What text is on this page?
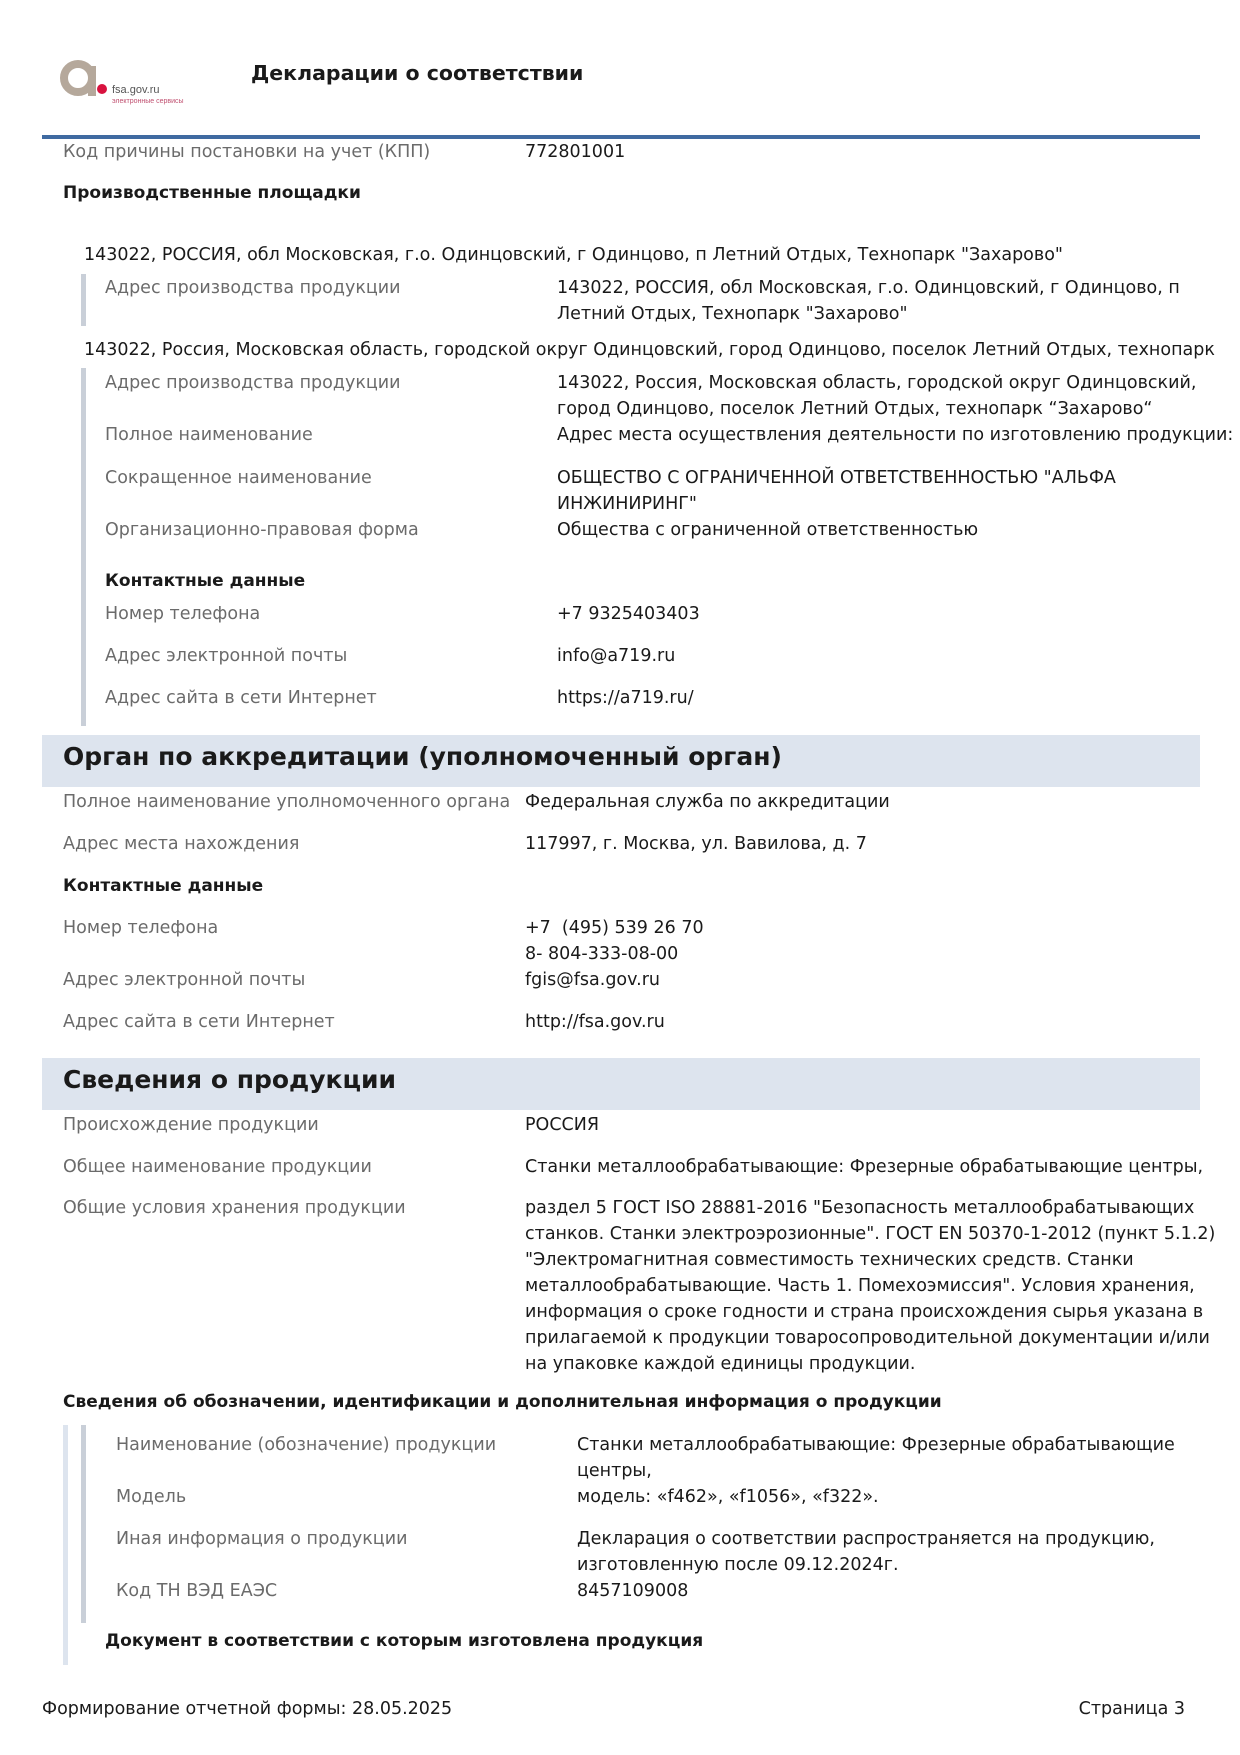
fsa.gov.ru
электронные сервисы
Декларации о соответствии
Код причины постановки на учет (КПП)	772801001
Производственные площадки
143022, РОССИЯ, обл Московская, г.о. Одинцовский, г Одинцово, п Летний Отдых, Технопарк "Захарово"
Адрес производства продукции	143022, РОССИЯ, обл Московская, г.о. Одинцовский, г Одинцово, п
Летний Отдых, Технопарк "Захарово"
143022, Россия, Московская область, городской округ Одинцовский, город Одинцово, поселок Летний Отдых, технопарк
Адрес производства продукции	143022, Россия, Московская область, городской округ Одинцовский,
город Одинцово, поселок Летний Отдых, технопарк “Захарово“
Полное наименование	Адрес места осуществления деятельности по изготовлению продукции:
Сокращенное наименование	ОБЩЕСТВО С ОГРАНИЧЕННОЙ ОТВЕТСТВЕННОСТЬЮ "АЛЬФА
ИНЖИНИРИНГ"
Организационно-правовая форма	Общества с ограниченной ответственностью
Контактные данные
Номер телефона	+7 9325403403
Адрес электронной почты	info@a719.ru
Адрес сайта в сети Интернет	https://a719.ru/
Орган по аккредитации (уполномоченный орган)
Полное наименование уполномоченного органа Федеральная служба по аккредитации
Адрес места нахождения	117997, г. Москва, ул. Вавилова, д. 7
Контактные данные
Номер телефона	+7  (495) 539 26 70
8- 804-333-08-00
Адрес электронной почты	fgis@fsa.gov.ru
Адрес сайта в сети Интернет	http://fsa.gov.ru
Сведения о продукции
Происхождение продукции	РОССИЯ
Общее наименование продукции	Станки металлообрабатывающие: Фрезерные обрабатывающие центры,
Общие условия хранения продукции	раздел 5 ГОСТ ISO 28881-2016 "Безопасность металлообрабатывающих
станков. Станки электроэрозионные". ГОСТ EN 50370-1-2012 (пункт 5.1.2)
"Электромагнитная совместимость технических средств. Станки
металлообрабатывающие. Часть 1. Помехоэмиссия". Условия хранения,
информация о сроке годности и страна происхождения сырья указана в
прилагаемой к продукции товаросопроводительной документации и/или
на упаковке каждой единицы продукции.
Сведения об обозначении, идентификации и дополнительная информация о продукции
Наименование (обозначение) продукции	Станки металлообрабатывающие: Фрезерные обрабатывающие
центры,
Модель	модель: «f462», «f1056», «f322».
Иная информация о продукции	Декларация о соответствии распространяется на продукцию,
изготовленную после 09.12.2024г.
Код ТН ВЭД ЕАЭС	8457109008
Документ в соответствии с которым изготовлена продукция
Формирование отчетной формы: 28.05.2025	Страница 3
